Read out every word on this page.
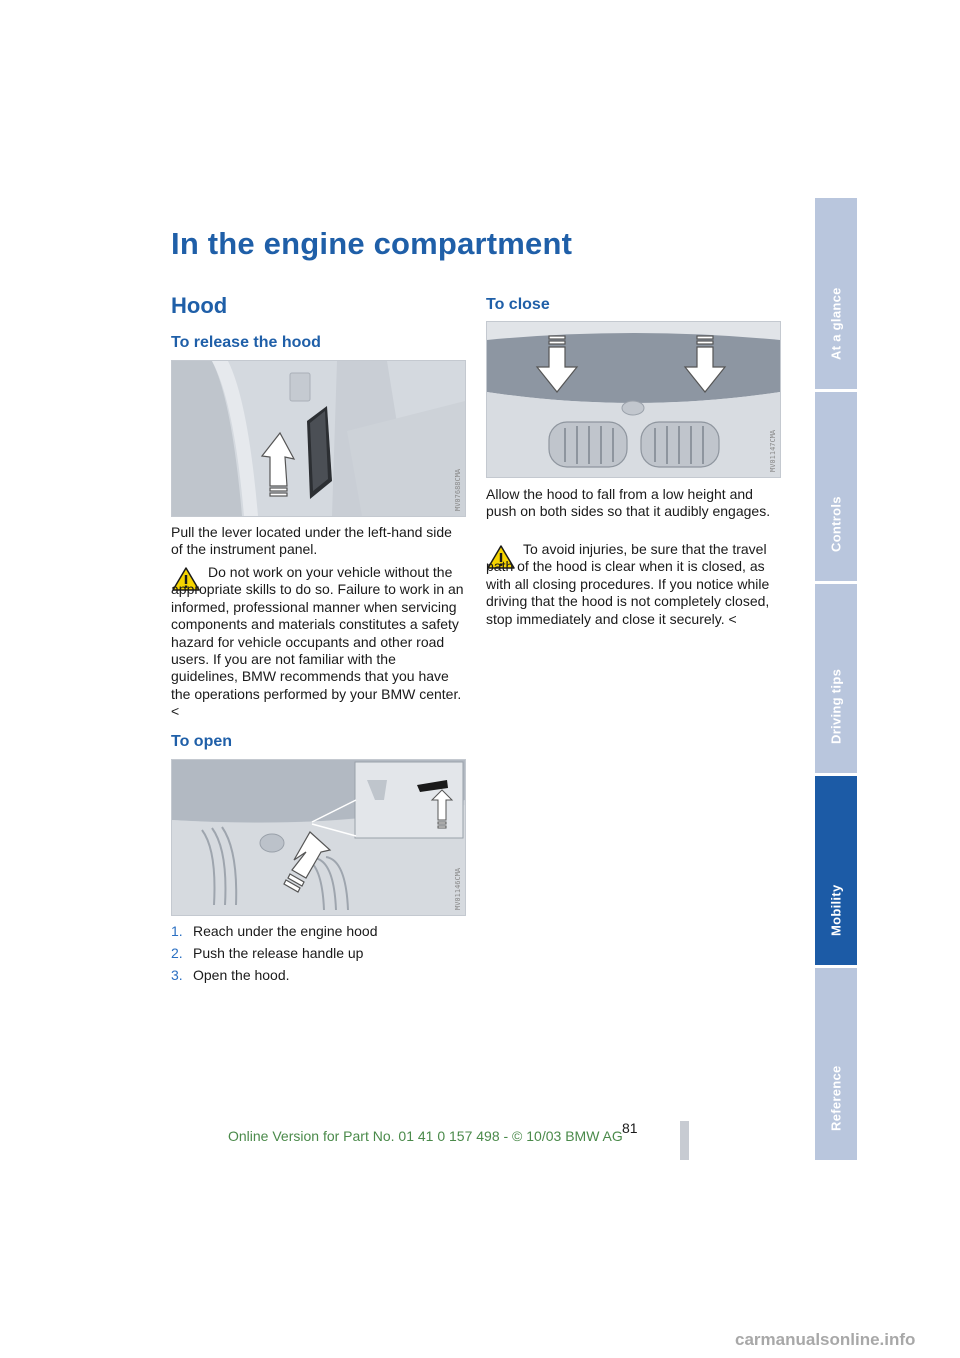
In the engine compartment
Hood
To release the hood
MV07688CMA
Pull the lever located under the left-hand side of the instrument panel.
Do not work on your vehicle without the appropriate skills to do so. Failure to work in an informed, professional manner when servicing components and materials constitutes a safety hazard for vehicle occupants and other road users. If you are not familiar with the guidelines, BMW recommends that you have the operations performed by your BMW center. <
To open
MV01146CMA
1. Reach under the engine hood
2. Push the release handle up
3. Open the hood.
To close
MV01147CMA
Allow the hood to fall from a low height and push on both sides so that it audibly engages.
To avoid injuries, be sure that the travel path of the hood is clear when it is closed, as with all closing procedures. If you notice while driving that the hood is not completely closed, stop immediately and close it securely. <
At a glance
Controls
Driving tips
Mobility
Reference
81
Online Version for Part No. 01 41 0 157 498 - © 10/03 BMW AG
carmanualsonline.info
